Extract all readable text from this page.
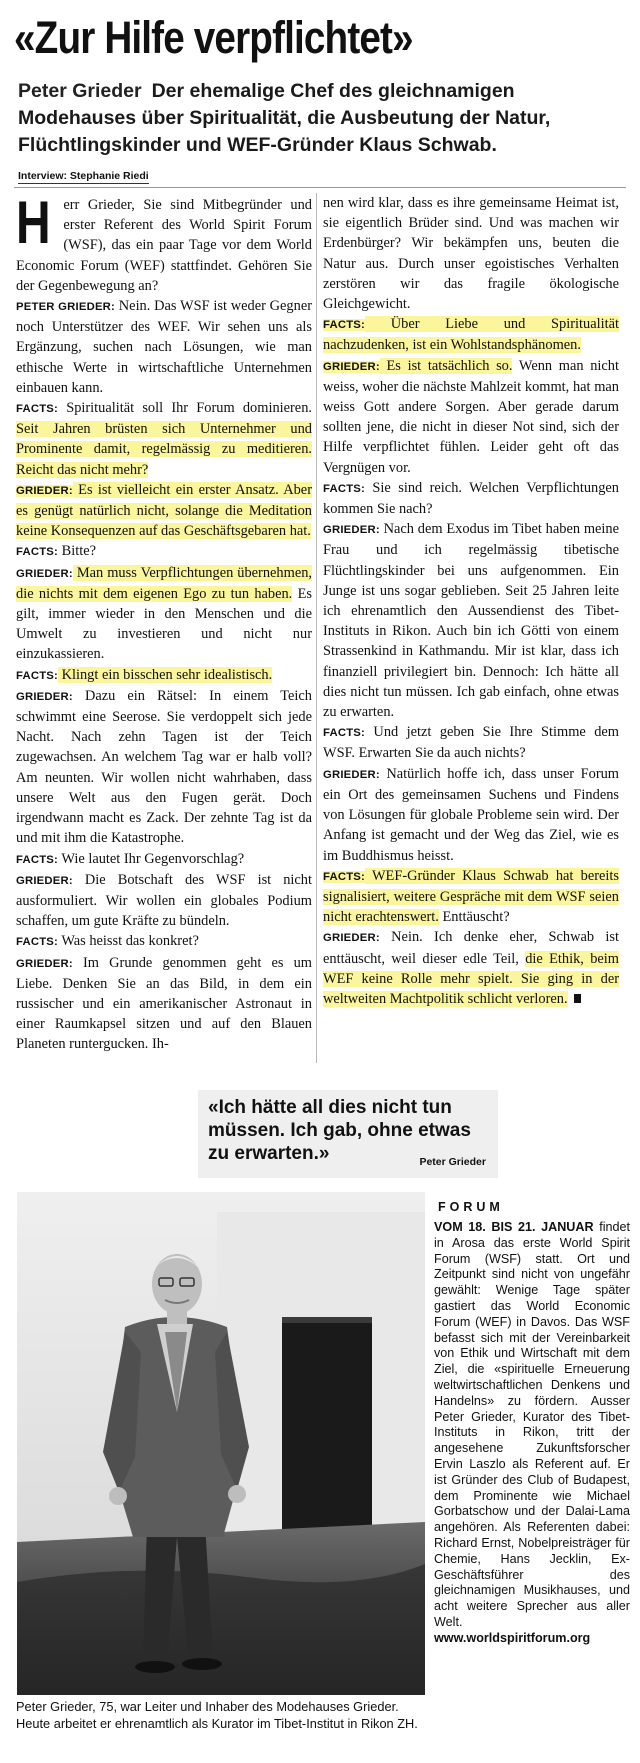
«Zur Hilfe verpflichtet»
Peter Grieder Der ehemalige Chef des gleichnamigen Modehauses über Spiritualität, die Ausbeutung der Natur, Flüchtlingskinder und WEF-Gründer Klaus Schwab.
Interview: Stephanie Riedi

Herr Grieder, Sie sind Mitbegründer und erster Referent des World Spirit Forum (WSF), das ein paar Tage vor dem World Economic Forum (WEF) stattfindet. Gehören Sie der Gegenbewegung an?

PETER GRIEDER: Nein. Das WSF ist weder Gegner noch Unterstützer des WEF. Wir sehen uns als Ergänzung, suchen nach Lösungen, wie man ethische Werte in wirtschaftliche Unternehmen einbauen kann.

FACTS: Spiritualität soll Ihr Forum dominieren. Seit Jahren brüsten sich Unternehmer und Prominente damit, regelmässig zu meditieren. Reicht das nicht mehr?

GRIEDER: Es ist vielleicht ein erster Ansatz. Aber es genügt natürlich nicht, solange die Meditation keine Konsequenzen auf das Geschäftsgebaren hat.

FACTS: Bitte?

GRIEDER: Man muss Verpflichtungen übernehmen, die nichts mit dem eigenen Ego zu tun haben. Es gilt, immer wieder in den Menschen und die Umwelt zu investieren und nicht nur einzukassieren.

FACTS: Klingt ein bisschen sehr idealistisch.

GRIEDER: Dazu ein Rätsel: In einem Teich schwimmt eine Seerose. Sie verdoppelt sich jede Nacht. Nach zehn Tagen ist der Teich zugewachsen. An welchem Tag war er halb voll? Am neunten. Wir wollen nicht wahrhaben, dass unsere Welt aus den Fugen gerät. Doch irgendwann macht es Zack. Der zehnte Tag ist da und mit ihm die Katastrophe.

FACTS: Wie lautet Ihr Gegenvorschlag?

GRIEDER: Die Botschaft des WSF ist nicht ausformuliert. Wir wollen ein globales Podium schaffen, um gute Kräfte zu bündeln.

FACTS: Was heisst das konkret?

GRIEDER: Im Grunde genommen geht es um Liebe. Denken Sie an das Bild, in dem ein russischer und ein amerikanischer Astronaut in einer Raumkapsel sitzen und auf den Blauen Planeten runtergucken. Ih-

nen wird klar, dass es ihre gemeinsame Heimat ist, sie eigentlich Brüder sind. Und was machen wir Erdenbürger? Wir bekämpfen uns, beuten die Natur aus. Durch unser egoistisches Verhalten zerstören wir das fragile ökologische Gleichgewicht.

FACTS: Über Liebe und Spiritualität nachzudenken, ist ein Wohlstandsphänomen.

GRIEDER: Es ist tatsächlich so. Wenn man nicht weiss, woher die nächste Mahlzeit kommt, hat man weiss Gott andere Sorgen. Aber gerade darum sollten jene, die nicht in dieser Not sind, sich der Hilfe verpflichtet fühlen. Leider geht oft das Vergnügen vor.

FACTS: Sie sind reich. Welchen Verpflichtungen kommen Sie nach?

GRIEDER: Nach dem Exodus im Tibet haben meine Frau und ich regelmässig tibetische Flüchtlingskinder bei uns aufgenommen. Ein Junge ist uns sogar geblieben. Seit 25 Jahren leite ich ehrenamtlich den Aussendienst des Tibet-Instituts in Rikon. Auch bin ich Götti von einem Strassenkind in Kathmandu. Mir ist klar, dass ich finanziell privilegiert bin. Dennoch: Ich hätte all dies nicht tun müssen. Ich gab einfach, ohne etwas zu erwarten.

FACTS: Und jetzt geben Sie Ihre Stimme dem WSF. Erwarten Sie da auch nichts?

GRIEDER: Natürlich hoffe ich, dass unser Forum ein Ort des gemeinsamen Suchens und Findens von Lösungen für globale Probleme sein wird. Der Anfang ist gemacht und der Weg das Ziel, wie es im Buddhismus heisst.

FACTS: WEF-Gründer Klaus Schwab hat bereits signalisiert, weitere Gespräche mit dem WSF seien nicht erachtenswert. Enttäuscht?

GRIEDER: Nein. Ich denke eher, Schwab ist enttäuscht, weil dieser edle Teil, die Ethik, beim WEF keine Rolle mehr spielt. Sie ging in der weltweiten Machtpolitik schlicht verloren.

«Ich hätte all dies nicht tun müssen. Ich gab, ohne etwas zu erwarten.»	Peter Grieder
Peter Grieder, 75, war Leiter und Inhaber des Modehauses Grieder. Heute arbeitet er ehrenamtlich als Kurator im Tibet-Institut in Rikon ZH.
FORUM
VOM 18. BIS 21. JANUAR findet in Arosa das erste World Spirit Forum (WSF) statt. Ort und Zeitpunkt sind nicht von ungefähr gewählt: Wenige Tage später gastiert das World Economic Forum (WEF) in Davos. Das WSF befasst sich mit der Vereinbarkeit von Ethik und Wirtschaft mit dem Ziel, die «spirituelle Erneuerung weltwirtschaftlichen Denkens und Handelns» zu fördern. Ausser Peter Grieder, Kurator des Tibet-Instituts in Rikon, tritt der angesehene Zukunftsforscher Ervin Laszlo als Referent auf. Er ist Gründer des Club of Budapest, dem Prominente wie Michael Gorbatschow und der Dalai-Lama angehören. Als Referenten dabei: Richard Ernst, Nobelpreisträger für Chemie, Hans Jecklin, Ex-Geschäftsführer des gleichnamigen Musikhauses, und acht weitere Sprecher aus aller Welt.
www.worldspiritforum.org
